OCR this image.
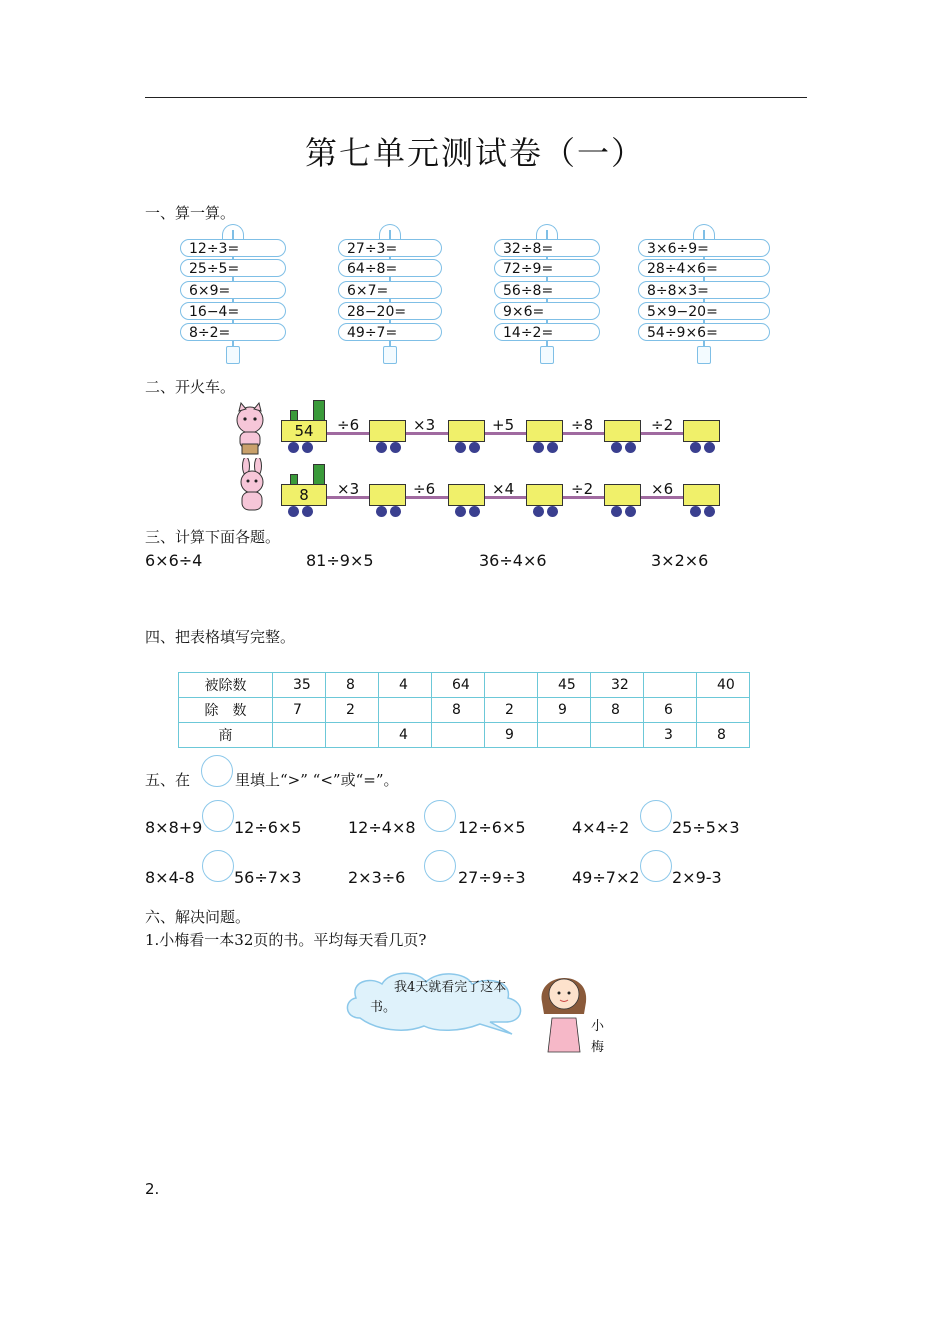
第七单元测试卷（一）
一、算一算。
12÷3=
25÷5=
6×9=
16−4=
8÷2=
27÷3=
64÷8=
6×7=
28−20=
49÷7=
32÷8=
72÷9=
56÷8=
9×6=
14÷2=
3×6÷9=
28÷4×6=
8÷8×3=
5×9−20=
54÷9×6=
二、开火车。
54	÷6	×3	+5	÷8	÷2
8	×3	÷6	×4	÷2	×6
三、计算下面各题。
6×6÷4	81÷9×5	36÷4×6	3×2×6
四、把表格填写完整。
被除数	35	8	4	64		45	32		40
除　数	7	2		8	2	9	8	6	
商			4		9			3	8
五、在	里填上“>” “<”或“=”。
8×8+9 12÷6×5	12÷4×8	12÷6×5	4×4÷2	25÷5×3
8×4-8 56÷7×3	2×3÷6	27÷9÷3	49÷7×2 2×9-3
六、解决问题。
1.小梅看一本32页的书。平均每天看几页?
我4天就看完了这本书。
小梅
2.
